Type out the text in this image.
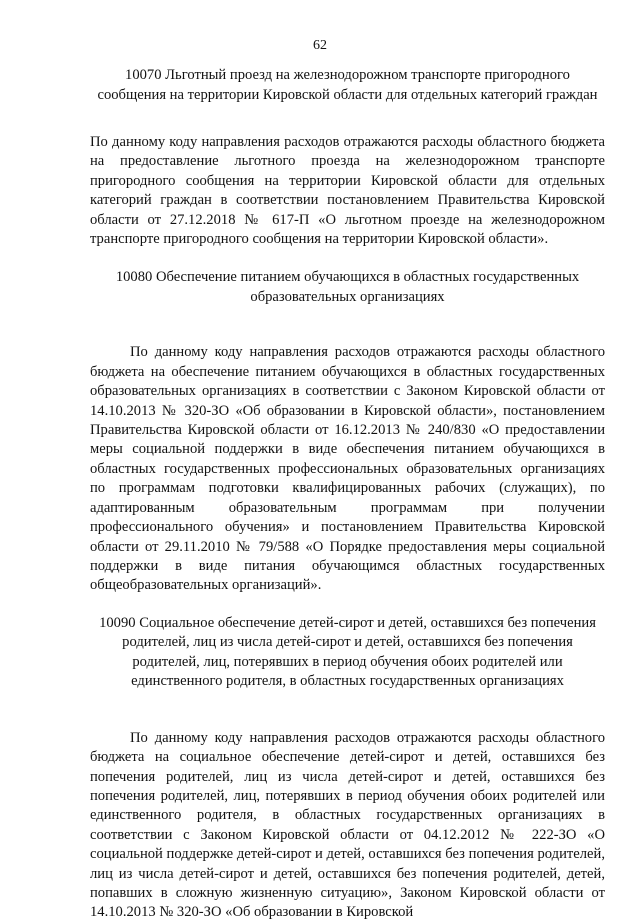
62

10070 Льготный проезд на железнодорожном транспорте пригородного сообщения на территории Кировской области для отдельных категорий граждан

По данному коду направления расходов отражаются расходы областного бюджета на предоставление льготного проезда на железнодорожном транспорте пригородного сообщения на территории Кировской области для отдельных категорий граждан в соответствии постановлением Правительства Кировской области от 27.12.2018 № 617-П «О льготном проезде на железнодорожном транспорте пригородного сообщения на территории Кировской области».

10080 Обеспечение питанием обучающихся в областных государственных образовательных организациях

По данному коду направления расходов отражаются расходы областного бюджета на обеспечение питанием обучающихся в областных государственных образовательных организациях в соответствии с Законом Кировской области от 14.10.2013 № 320-ЗО «Об образовании в Кировской области», постановлением Правительства Кировской области от 16.12.2013 № 240/830 «О предоставлении меры социальной поддержки в виде обеспечения питанием обучающихся в областных государственных профессиональных образовательных организациях по программам подготовки квалифицированных рабочих (служащих), по адаптированным образовательным программам при получении профессионального обучения» и постановлением Правительства Кировской области от 29.11.2010 № 79/588 «О Порядке предоставления меры социальной поддержки в виде питания обучающимся областных государственных общеобразовательных организаций».

10090 Социальное обеспечение детей-сирот и детей, оставшихся без попечения родителей, лиц из числа детей-сирот и детей, оставшихся без попечения родителей, лиц, потерявших в период обучения обоих родителей или единственного родителя, в областных государственных организациях

По данному коду направления расходов отражаются расходы областного бюджета на социальное обеспечение детей-сирот и детей, оставшихся без попечения родителей, лиц из числа детей-сирот и детей, оставшихся без попечения родителей, лиц, потерявших в период обучения обоих родителей или единственного родителя, в областных государственных организациях в соответствии с Законом Кировской области от 04.12.2012 № 222-ЗО «О социальной поддержке детей-сирот и детей, оставшихся без попечения родителей, лиц из числа детей-сирот и детей, оставшихся без попечения родителей, детей, попавших в сложную жизненную ситуацию», Законом Кировской области от 14.10.2013 № 320-ЗО «Об образовании в Кировской
